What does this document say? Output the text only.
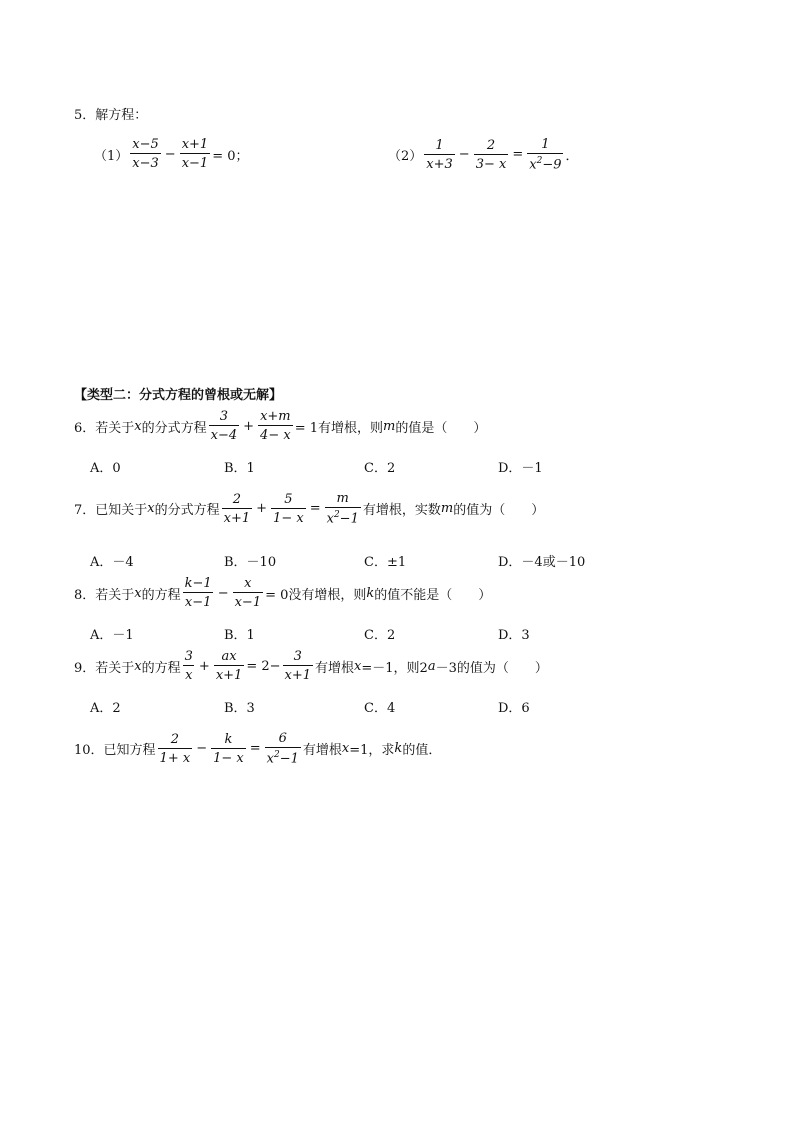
5．解方程：
$(1) \frac{x-5}{x-3} - \frac{x+1}{x-1} = 0$；	$(2) \frac{1}{x+3} - \frac{2}{3- x} = \frac{1}{x^2-9}$ ．
【类型二：分式方程的曾根或无解】
6．若关于 x 的分式方程 $\frac{3}{x-4} + \frac{x+m}{4- x} = 1$有增根，则 m 的值是（　　）
A．0	B．1	C．2	D．－1
7．已知关于 x 的分式方程 $\frac{2}{x+1} + \frac{5}{1- x} = \frac{m}{x^2-1}$ 有增根，实数 m 的值为（　　）
A．－4	B．－10	C．±1	D．－4或－10
8．若关于 x 的方程 $\frac{k-1}{x-1} - \frac{x}{x-1} = 0$没有增根，则 k 的值不能是（　　）
A．－1	B．1	C．2	D．3
9．若关于 x 的方程 $\frac{3}{x} + \frac{ax}{x+1} = 2- \frac{3}{x+1}$ 有增根 x =－1，则2 a －3的值为（　　）
A．2	B．3	C．4	D．6
10．已知方程 $\frac{2}{1+ x} - \frac{k}{1- x} = \frac{6}{x^2-1}$ 有增根 x =1，求 k 的值．
